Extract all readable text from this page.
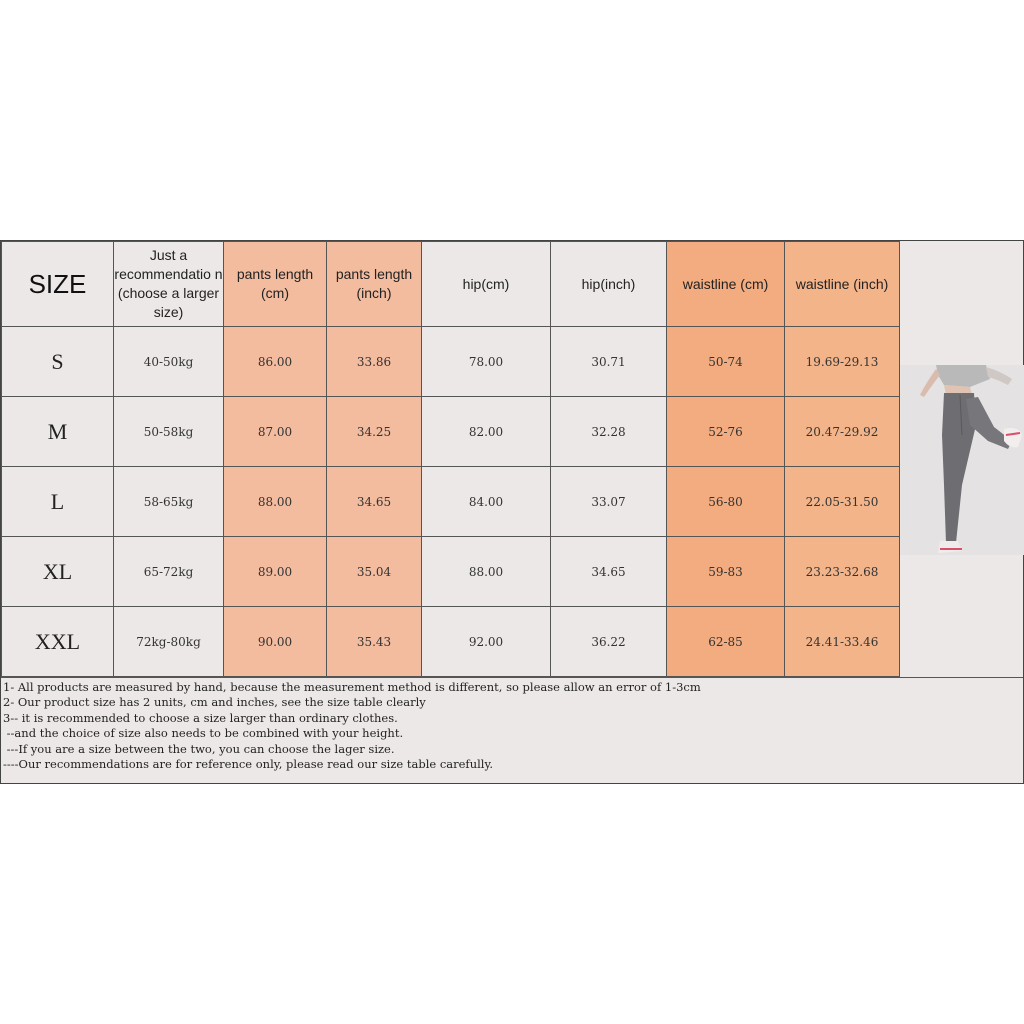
SIZE	Just a recommendatio n (choose a larger size)	pants length (cm)	pants length (inch)	hip(cm)	hip(inch)	waistline (cm)	waistline (inch)
S	40-50kg	86.00	33.86	78.00	30.71	50-74	19.69-29.13
M	50-58kg	87.00	34.25	82.00	32.28	52-76	20.47-29.92
L	58-65kg	88.00	34.65	84.00	33.07	56-80	22.05-31.50
XL	65-72kg	89.00	35.04	88.00	34.65	59-83	23.23-32.68
XXL	72kg-80kg	90.00	35.43	92.00	36.22	62-85	24.41-33.46
1- All products are measured by hand, because the measurement method is different, so please allow an error of 1-3cm
2- Our product size has 2 units, cm and inches, see the size table clearly
3-- it is recommended to choose a size larger than ordinary clothes.
--and the choice of size also needs to be combined with your height.
---If you are a size between the two, you can choose the lager size.
----Our recommendations are for reference only, please read our size table carefully.
